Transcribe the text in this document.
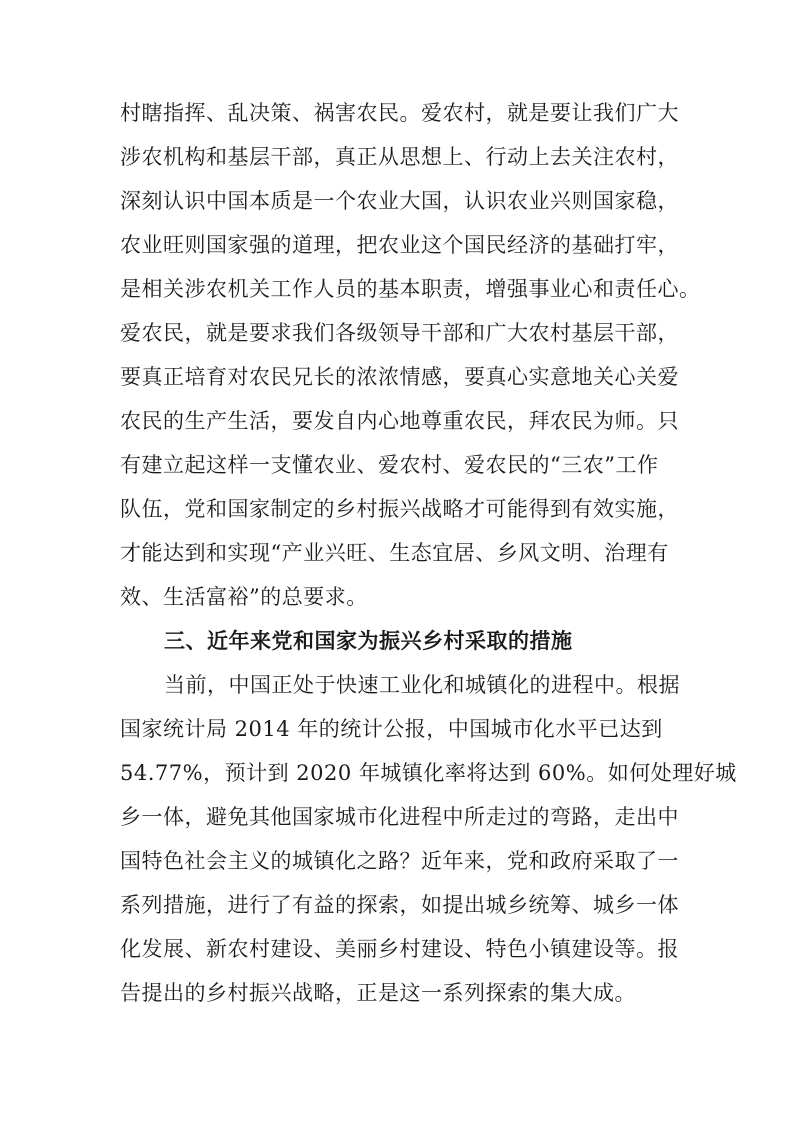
村瞎指挥、乱决策、祸害农民。爱农村，就是要让我们广大
涉农机构和基层干部，真正从思想上、行动上去关注农村，
深刻认识中国本质是一个农业大国，认识农业兴则国家稳，
农业旺则国家强的道理，把农业这个国民经济的基础打牢，
是相关涉农机关工作人员的基本职责，增强事业心和责任心。
爱农民，就是要求我们各级领导干部和广大农村基层干部，
要真正培育对农民兄长的浓浓情感，要真心实意地关心关爱
农民的生产生活，要发自内心地尊重农民，拜农民为师。只
有建立起这样一支懂农业、爱农村、爱农民的“三农”工作
队伍，党和国家制定的乡村振兴战略才可能得到有效实施，
才能达到和实现“产业兴旺、生态宜居、乡风文明、治理有
效、生活富裕”的总要求。
三、近年来党和国家为振兴乡村采取的措施
当前，中国正处于快速工业化和城镇化的进程中。根据
国家统计局 2014 年的统计公报，中国城市化水平已达到
54.77%，预计到 2020 年城镇化率将达到 60%。如何处理好城
乡一体，避免其他国家城市化进程中所走过的弯路，走出中
国特色社会主义的城镇化之路？近年来，党和政府采取了一
系列措施，进行了有益的探索，如提出城乡统筹、城乡一体
化发展、新农村建设、美丽乡村建设、特色小镇建设等。报
告提出的乡村振兴战略，正是这一系列探索的集大成。
